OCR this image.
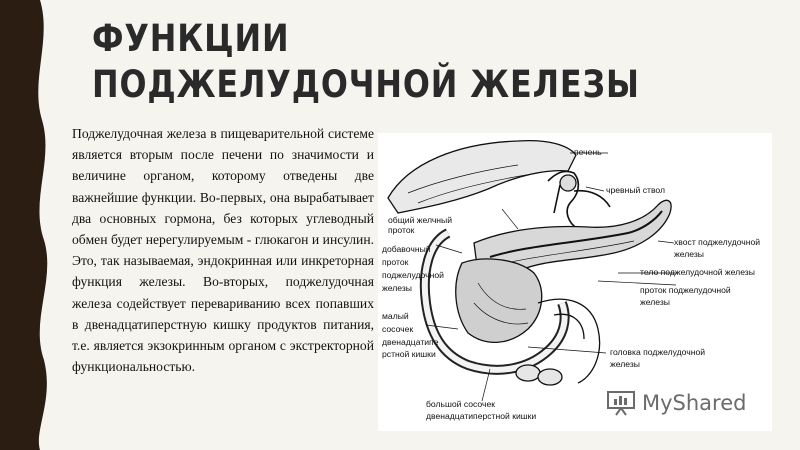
ФУНКЦИИ ПОДЖЕЛУДОЧНОЙ ЖЕЛЕЗЫ
Поджелудочная железа в пищеварительной системе является вторым после печени по значимости и величине органом, которому отведены две важнейшие функции. Во-первых, она вырабатывает два основных гормона, без которых углеводный обмен будет нерегулируемым - глюкагон и инсулин. Это, так называемая, эндокринная или инкреторная функция железы. Во-вторых, поджелудочная железа содействует перевариванию всех попавших в двенадцатиперстную кишку продуктов питания, т.е. является экзокринным органом с экстректорной функциональностью.
печень
чревный ствол
общий желчный
проток
добавочный
проток
поджелудочной
железы
хвост поджелудочной
железы
тело поджелудочной железы
проток поджелудочной
железы
малый
сосочек
двенадцатипе
рстной кишки	головка поджелудочной
железы
большой сосочек
двенадцатиперстной кишки
MyShared
